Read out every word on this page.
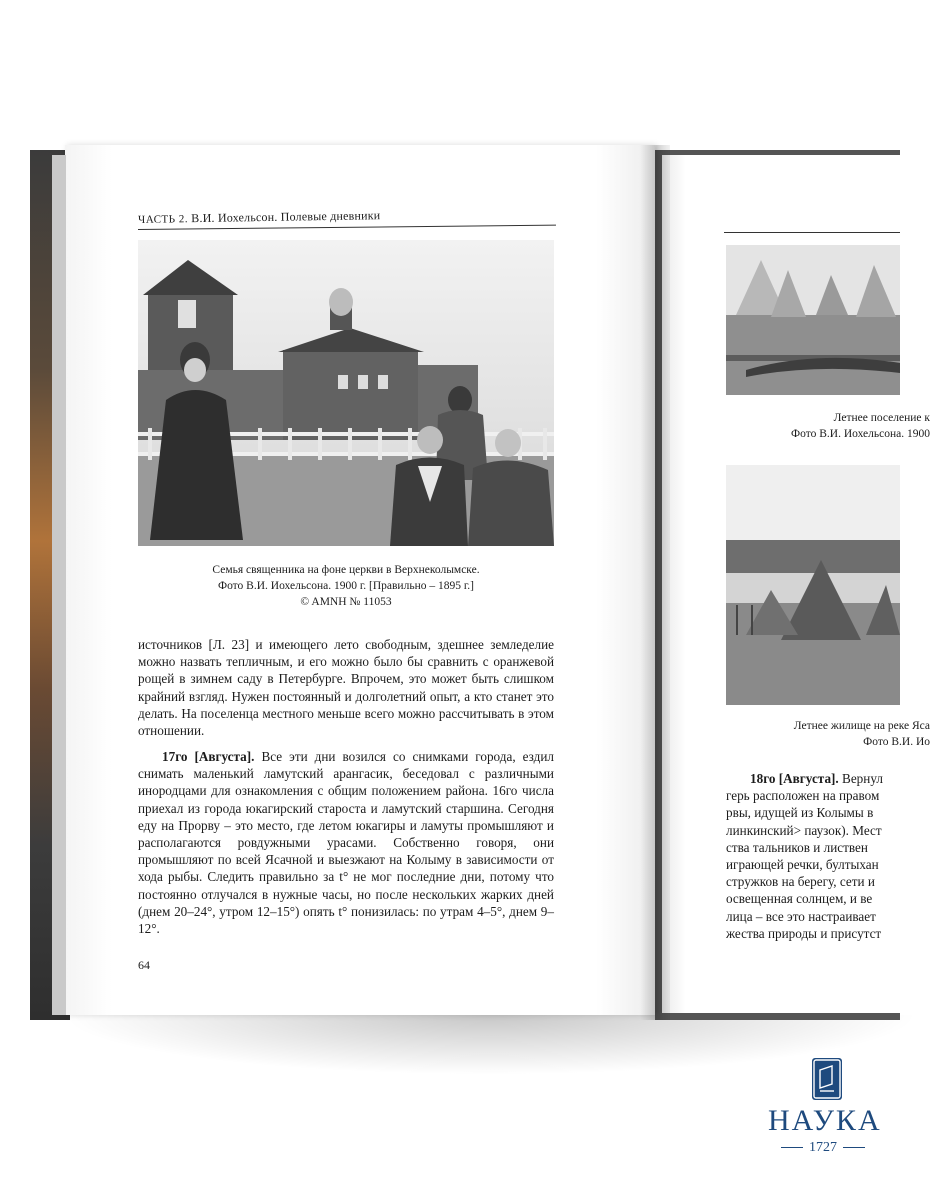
ЧАСТЬ 2. В.И. Иохельсон. Полевые дневники
Семья священника на фоне церкви в Верхнеколымске.
Фото В.И. Иохельсона. 1900 г. [Правильно – 1895 г.]
© AMNH № 11053
источников [Л. 23] и имеющего лето свободным, здешнее земледелие можно назвать тепличным, и его можно было бы сравнить с оранжевой рощей в зимнем саду в Петербурге. Впрочем, это может быть слишком крайний взгляд. Нужен постоянный и долголетний опыт, а кто станет это делать. На поселенца местного меньше всего можно рассчитывать в этом отношении.
17го [Августа]. Все эти дни возился со снимками города, ездил снимать маленький ламутский арангасик, беседовал с различными инородцами для ознакомления с общим положением района. 16го числа приехал из города юкагирский староста и ламутский старшина. Сегодня еду на Прорву – это место, где летом юкагиры и ламуты промышляют и располагаются ровдужными урасами. Собственно говоря, они промышляют по всей Ясачной и выезжают на Колыму в зависимости от хода рыбы. Следить правильно за t° не мог последние дни, потому что постоянно отлучался в нужные часы, но после нескольких жарких дней (днем 20–24°, утром 12–15°) опять t° понизилась: по утрам 4–5°, днем 9–12°.
64
Летнее поселение к
Фото В.И. Иохельсона. 1900
Летнее жилище на реке Яса
Фото В.И. Ио
18го [Августа]. Вернул
герь расположен на правом
рвы, идущей из Колымы в
линкинский> паузок). Мест
ства тальников и листвен
играющей речки, бултыхан
стружков на берегу, сети и
освещенная солнцем, и ве
лица – все это настраивает
жества природы и присутст
НАУКА
1727
